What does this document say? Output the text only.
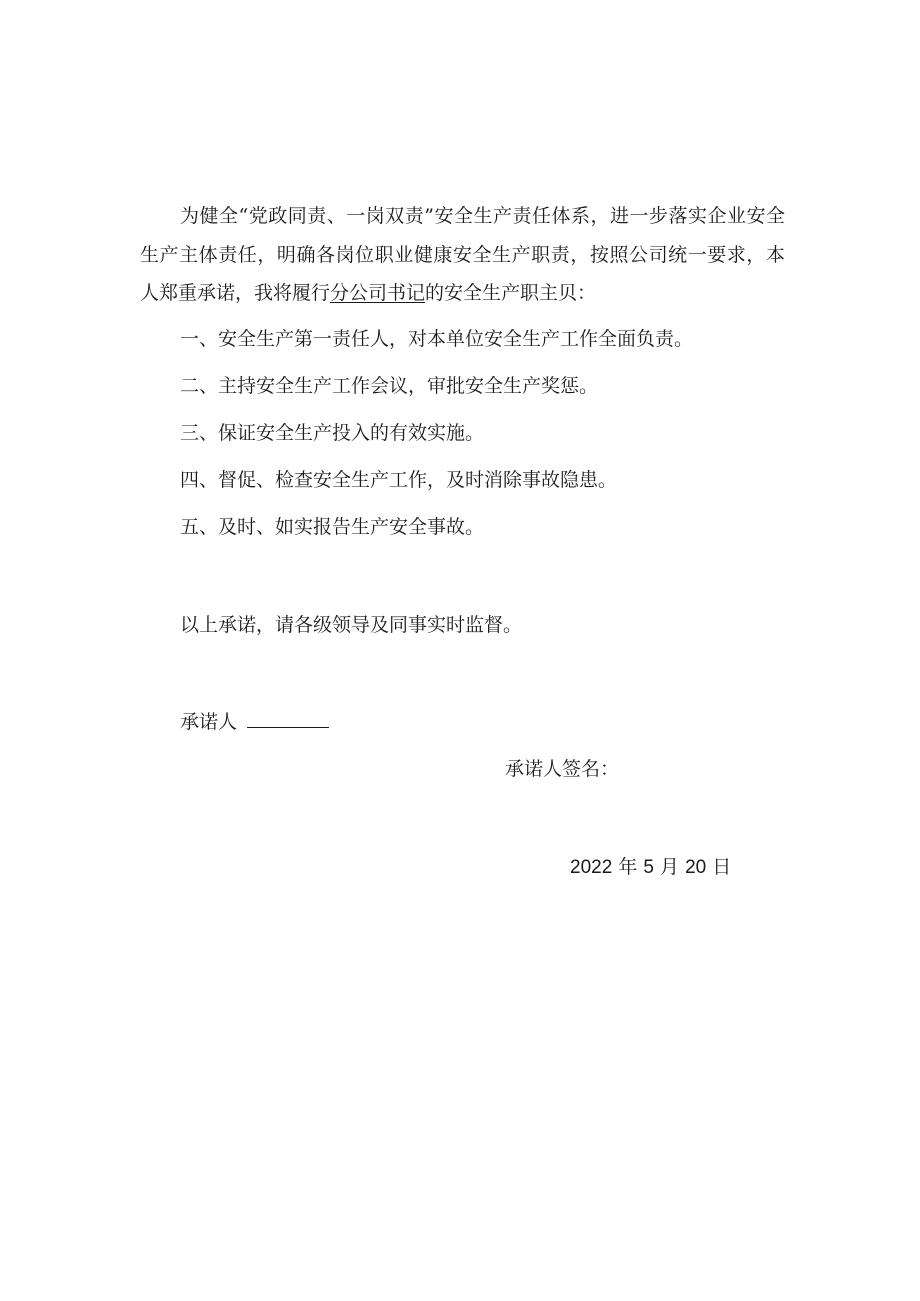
为健全“党政同责、一岗双责”安全生产责任体系，进一步落实企业安全生产主体责任，明确各岗位职业健康安全生产职责，按照公司统一要求，本人郑重承诺，我将履行分公司书记的安全生产职主贝：

一、安全生产第一责任人，对本单位安全生产工作全面负责。

二、主持安全生产工作会议，审批安全生产奖惩。

三、保证安全生产投入的有效实施。

四、督促、检查安全生产工作，及时消除事故隐患。

五、及时、如实报告生产安全事故。

以上承诺，请各级领导及同事实时监督。

承诺人

承诺人签名：
2022 年 5 月 20 日
